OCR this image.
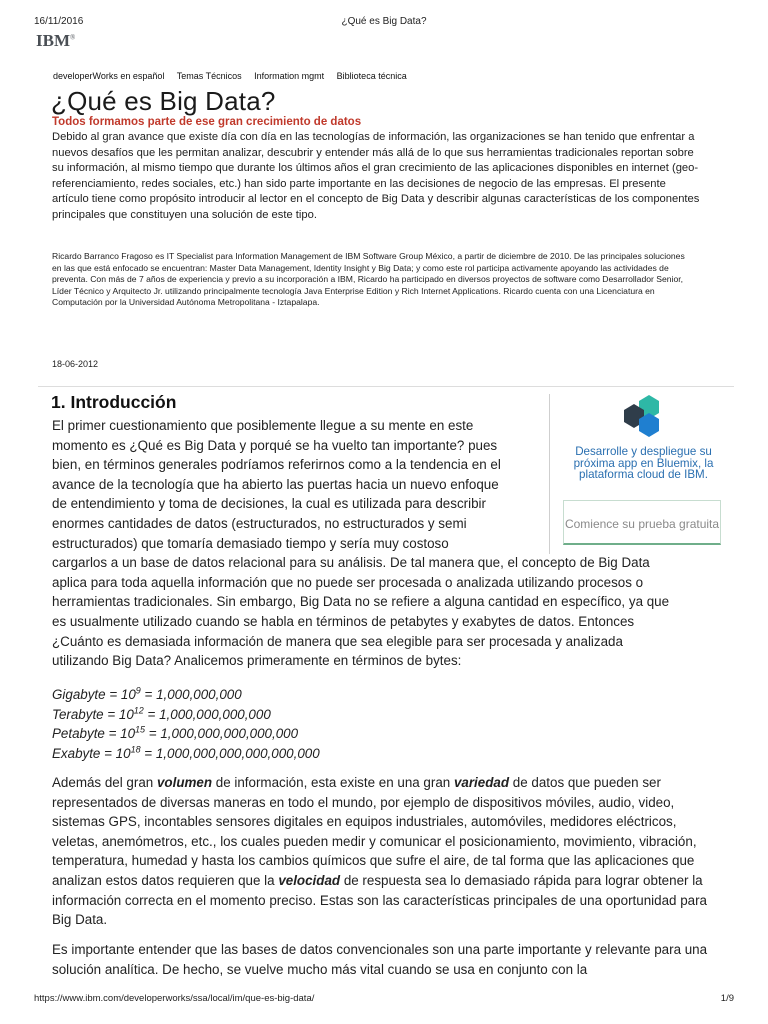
16/11/2016	¿Qué es Big Data?
IBM®
developerWorks en español Temas Técnicos Information mgmt Biblioteca técnica
¿Qué es Big Data?
Todos formamos parte de ese gran crecimiento de datos

Debido al gran avance que existe día con día en las tecnologías de información, las organizaciones se han tenido que enfrentar a nuevos desafíos que les permitan analizar, descubrir y entender más allá de lo que sus herramientas tradicionales reportan sobre su información, al mismo tiempo que durante los últimos años el gran crecimiento de las aplicaciones disponibles en internet (geo-referenciamiento, redes sociales, etc.) han sido parte importante en las decisiones de negocio de las empresas. El presente artículo tiene como propósito introducir al lector en el concepto de Big Data y describir algunas características de los componentes principales que constituyen una solución de este tipo.

Ricardo Barranco Fragoso es IT Specialist para Information Management de IBM Software Group México, a partir de diciembre de 2010. De las principales soluciones en las que está enfocado se encuentran: Master Data Management, Identity Insight y Big Data; y como este rol participa activamente apoyando las actividades de preventa. Con más de 7 años de experiencia y previo a su incorporación a IBM, Ricardo ha participado en diversos proyectos de software como Desarrollador Senior, Líder Técnico y Arquitecto Jr. utilizando principalmente tecnología Java Enterprise Edition y Rich Internet Applications. Ricardo cuenta con una Licenciatura en Computación por la Universidad Autónoma Metropolitana - Iztapalapa.

18-06-2012
1. Introducción
El primer cuestionamiento que posiblemente llegue a su mente en este
momento es ¿Qué es Big Data y porqué se ha vuelto tan importante? pues
bien, en términos generales podríamos referirnos como a la tendencia en el
avance de la tecnología que ha abierto las puertas hacia un nuevo enfoque
de entendimiento y toma de decisiones, la cual es utilizada para describir
enormes cantidades de datos (estructurados, no estructurados y semi
estructurados) que tomaría demasiado tiempo y sería muy costoso
cargarlos a un base de datos relacional para su análisis. De tal manera que, el concepto de Big Data aplica para toda aquella información que no puede ser procesada o analizada utilizando procesos o herramientas tradicionales. Sin embargo, Big Data no se refiere a alguna cantidad en específico, ya que es usualmente utilizado cuando se habla en términos de petabytes y exabytes de datos. Entonces ¿Cuánto es demasiada información de manera que sea elegible para ser procesada y analizada utilizando Big Data? Analicemos primeramente en términos de bytes:
Gigabyte = $10^9 = 1,000,000,000$
Terabyte = $10^{12} = 1,000,000,000,000$
Petabyte = $10^{15} = 1,000,000,000,000,000$
Exabyte = $10^{18} = 1,000,000,000,000,000,000$

Además del gran volumen de información, esta existe en una gran variedad de datos que pueden ser representados de diversas maneras en todo el mundo, por ejemplo de dispositivos móviles, audio, video, sistemas GPS, incontables sensores digitales en equipos industriales, automóviles, medidores eléctricos, veletas, anemómetros, etc., los cuales pueden medir y comunicar el posicionamiento, movimiento, vibración, temperatura, humedad y hasta los cambios químicos que sufre el aire, de tal forma que las aplicaciones que analizan estos datos requieren que la velocidad de respuesta sea lo demasiado rápida para lograr obtener la información correcta en el momento preciso. Estas son las características principales de una oportunidad para Big Data.

Es importante entender que las bases de datos convencionales son una parte importante y relevante para una solución analítica. De hecho, se vuelve mucho más vital cuando se usa en conjunto con la

Desarrolle y despliegue su próxima app en Bluemix, la plataforma cloud de IBM.
Comience su prueba gratuita
https://www.ibm.com/developerworks/ssa/local/im/que-es-big-data/	1/9
